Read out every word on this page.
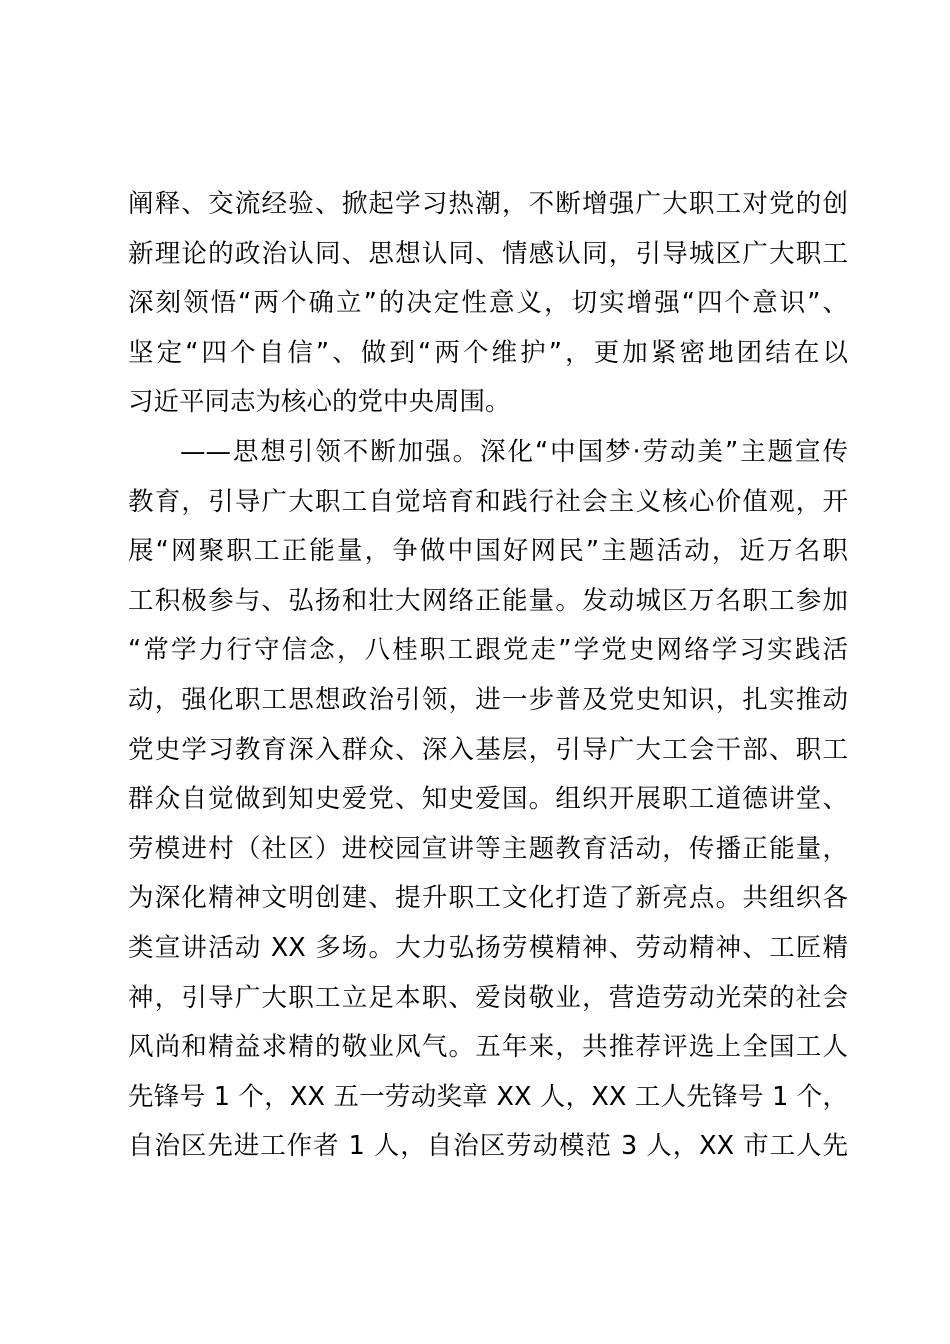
阐释、交流经验、掀起学习热潮，不断增强广大职工对党的创
新理论的政治认同、思想认同、情感认同，引导城区广大职工
深刻领悟“两个确立”的决定性意义，切实增强“四个意识”、
坚定“四个自信”、做到“两个维护”，更加紧密地团结在以
习近平同志为核心的党中央周围。
——思想引领不断加强。深化“中国梦·劳动美”主题宣传
教育，引导广大职工自觉培育和践行社会主义核心价值观，开
展“网聚职工正能量，争做中国好网民”主题活动，近万名职
工积极参与、弘扬和壮大网络正能量。发动城区万名职工参加
“常学力行守信念，八桂职工跟党走”学党史网络学习实践活
动，强化职工思想政治引领，进一步普及党史知识，扎实推动
党史学习教育深入群众、深入基层，引导广大工会干部、职工
群众自觉做到知史爱党、知史爱国。组织开展职工道德讲堂、
劳模进村（社区）进校园宣讲等主题教育活动，传播正能量，
为深化精神文明创建、提升职工文化打造了新亮点。共组织各
类宣讲活动 XX 多场。大力弘扬劳模精神、劳动精神、工匠精
神，引导广大职工立足本职、爱岗敬业，营造劳动光荣的社会
风尚和精益求精的敬业风气。五年来，共推荐评选上全国工人
先锋号 1 个，XX 五一劳动奖章 XX 人，XX 工人先锋号 1 个，
自治区先进工作者 1 人，自治区劳动模范 3 人，XX 市工人先
